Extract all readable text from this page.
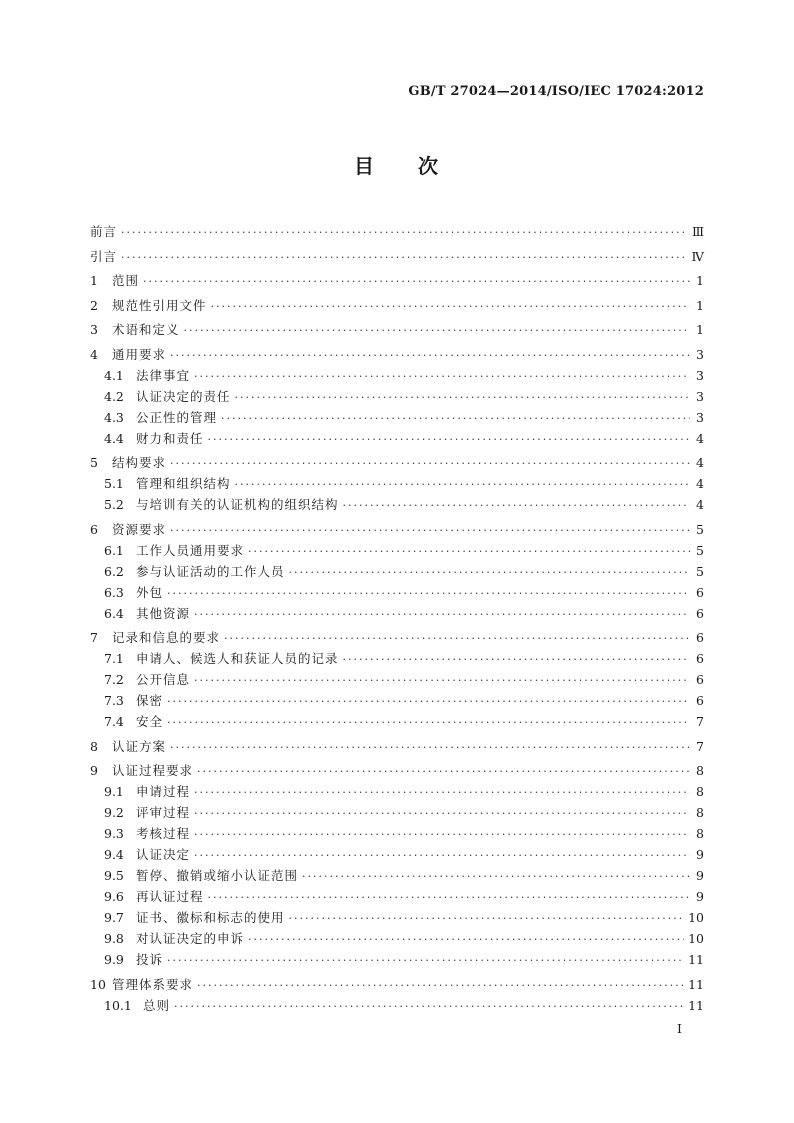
GB/T 27024—2014/ISO/IEC 17024:2012
目 次
前言 ·····	Ⅲ
引言 ·····	Ⅳ
1	范围 ·····	1
2	规范性引用文件 ·····	1
3	术语和定义 ·····	1
4	通用要求 ·····	3
4.1 法律事宜 ·····	3
4.2 认证决定的责任 ·····	3
4.3 公正性的管理 ·····	3
4.4 财力和责任 ·····	4
5	结构要求 ·····	4
5.1 管理和组织结构 ·····	4
5.2 与培训有关的认证机构的组织结构 ·····	4
6	资源要求 ·····	5
6.1 工作人员通用要求 ·····	5
6.2 参与认证活动的工作人员 ·····	5
6.3 外包 ·····	6
6.4 其他资源 ·····	6
7	记录和信息的要求 ·····	6
7.1 申请人、候选人和获证人员的记录 ·····	6
7.2 公开信息 ·····	6
7.3 保密 ·····	6
7.4 安全 ·····	7
8	认证方案 ·····	7
9	认证过程要求 ·····	8
9.1 申请过程 ·····	8
9.2 评审过程 ·····	8
9.3 考核过程 ·····	8
9.4 认证决定 ·····	9
9.5 暂停、撤销或缩小认证范围 ·····	9
9.6 再认证过程 ·····	9
9.7 证书、徽标和标志的使用 ·····	10
9.8 对认证决定的申诉 ·····	10
9.9 投诉 ·····	11
10 管理体系要求 ·····	11
10.1 总则 ·····	11
I
